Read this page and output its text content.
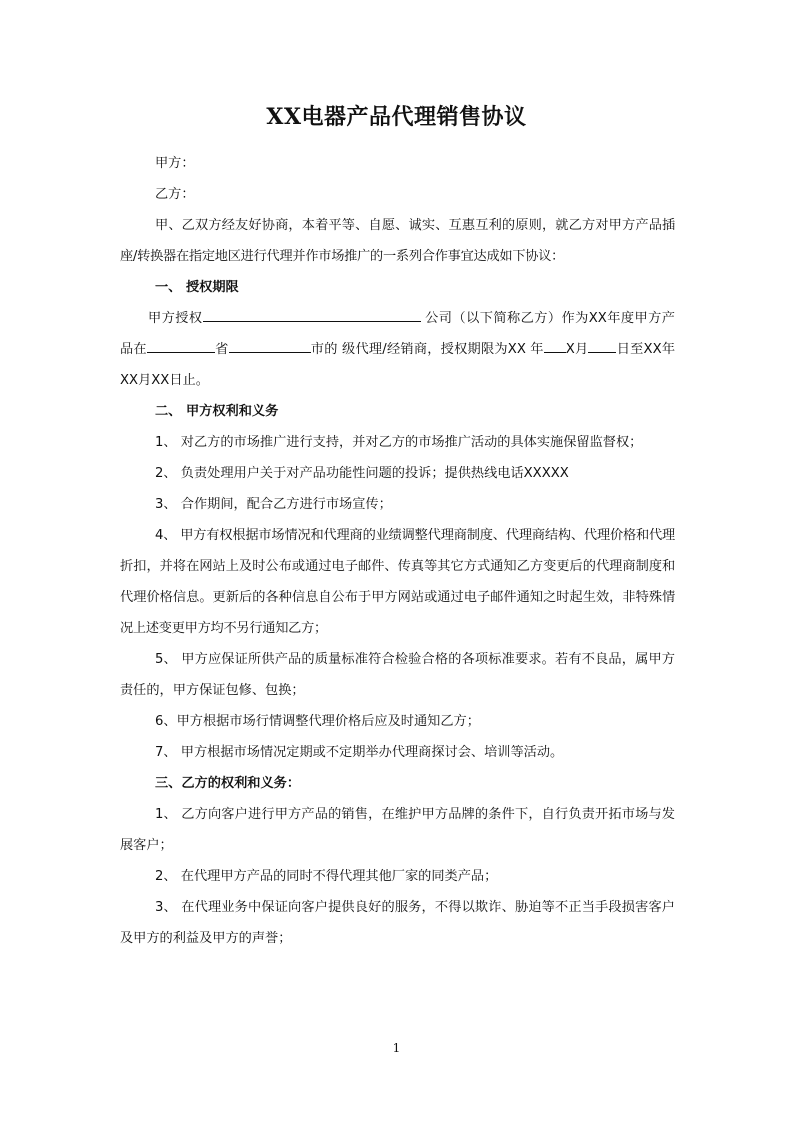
XX电器产品代理销售协议

甲方：

乙方：

甲、乙双方经友好协商，本着平等、自愿、诚实、互惠互利的原则，就乙方对甲方产品插座/转换器在指定地区进行代理并作市场推广的一系列合作事宜达成如下协议：

一、 授权期限

甲方授权	公司（以下简称乙方）作为XX年度甲方产品在	省	市的 级代理/经销商，授权期限为XX 年 X月 日至XX年 XX月XX日止。

二、 甲方权利和义务

1、 对乙方的市场推广进行支持，并对乙方的市场推广活动的具体实施保留监督权；

2、 负责处理用户关于对产品功能性问题的投诉；提供热线电话XXXXX

3、 合作期间，配合乙方进行市场宣传；

4、 甲方有权根据市场情况和代理商的业绩调整代理商制度、代理商结构、代理价格和代理折扣，并将在网站上及时公布或通过电子邮件、传真等其它方式通知乙方变更后的代理商制度和代理价格信息。更新后的各种信息自公布于甲方网站或通过电子邮件通知之时起生效，非特殊情况上述变更甲方均不另行通知乙方；

5、 甲方应保证所供产品的质量标准符合检验合格的各项标准要求。若有不良品，属甲方责任的，甲方保证包修、包换；

6、甲方根据市场行情调整代理价格后应及时通知乙方；

7、 甲方根据市场情况定期或不定期举办代理商探讨会、培训等活动。

三、乙方的权利和义务：

1、 乙方向客户进行甲方产品的销售，在维护甲方品牌的条件下，自行负责开拓市场与发展客户；

2、 在代理甲方产品的同时不得代理其他厂家的同类产品；

3、 在代理业务中保证向客户提供良好的服务，不得以欺诈、胁迫等不正当手段损害客户及甲方的利益及甲方的声誉；

1
